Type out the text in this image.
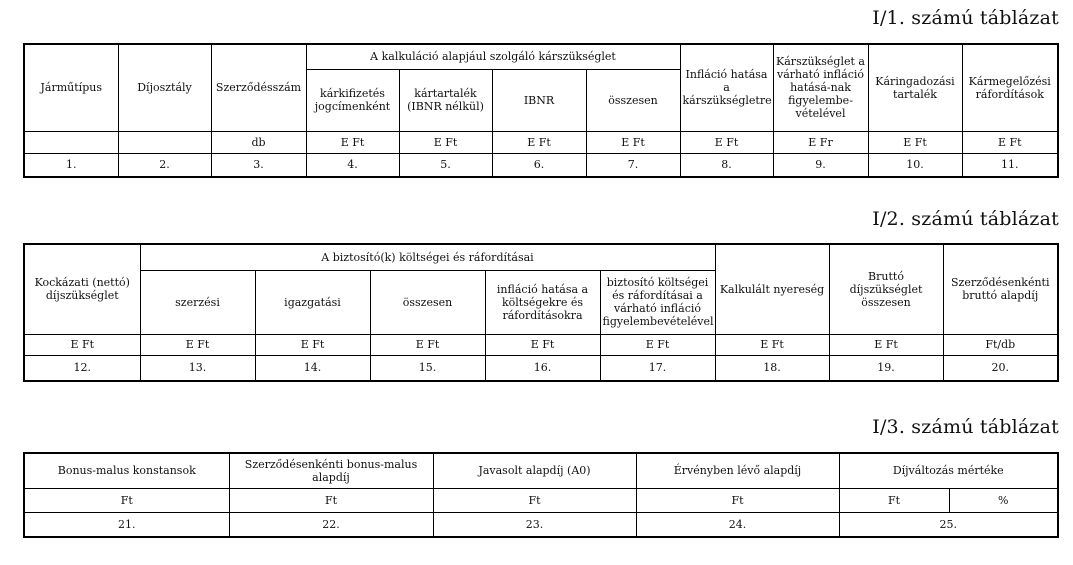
I/1. számú táblázat
Járműtípus	Díjosztály	Szerződésszám	A kalkuláció alapjául szolgáló kárszükséglet				Infláció hatása a kárszükségletre	Kárszükséglet a várható infláció hatásá-nak figyelembe-vételével	Káringadozási tartalék	Kármegelőzési ráfordítások
			kárkifizetés jogcímenként	kártartalék (IBNR nélkül)	IBNR	összesen				
		db	E Ft	E Ft	E Ft	E Ft	E Ft	E Fr	E Ft	E Ft
1.	2.	3.	4.	5.	6.	7.	8.	9.	10.	11.
I/2. számú táblázat
Kockázati (nettó) díjszükséglet	A biztosító(k) költségei és ráfordításai					Kalkulált nyereség	Bruttó díjszükséglet összesen	Szerződésenkénti bruttó alapdíj
	szerzési	igazgatási	összesen	infláció hatása a költségekre és ráfordításokra	biztosító költségei és ráfordításai a várható infláció figyelembevételével			
E Ft	E Ft	E Ft	E Ft	E Ft	E Ft	E Ft	E Ft	Ft/db
12.	13.	14.	15.	16.	17.	18.	19.	20.
I/3. számú táblázat
Bonus-malus konstansok	Szerződésenkénti bonus-malus alapdíj	Javasolt alapdíj (A0)	Érvényben lévő alapdíj	Díjváltozás mértéke	
Ft	Ft	Ft	Ft	Ft	%
21.	22.	23.	24.	25.	
